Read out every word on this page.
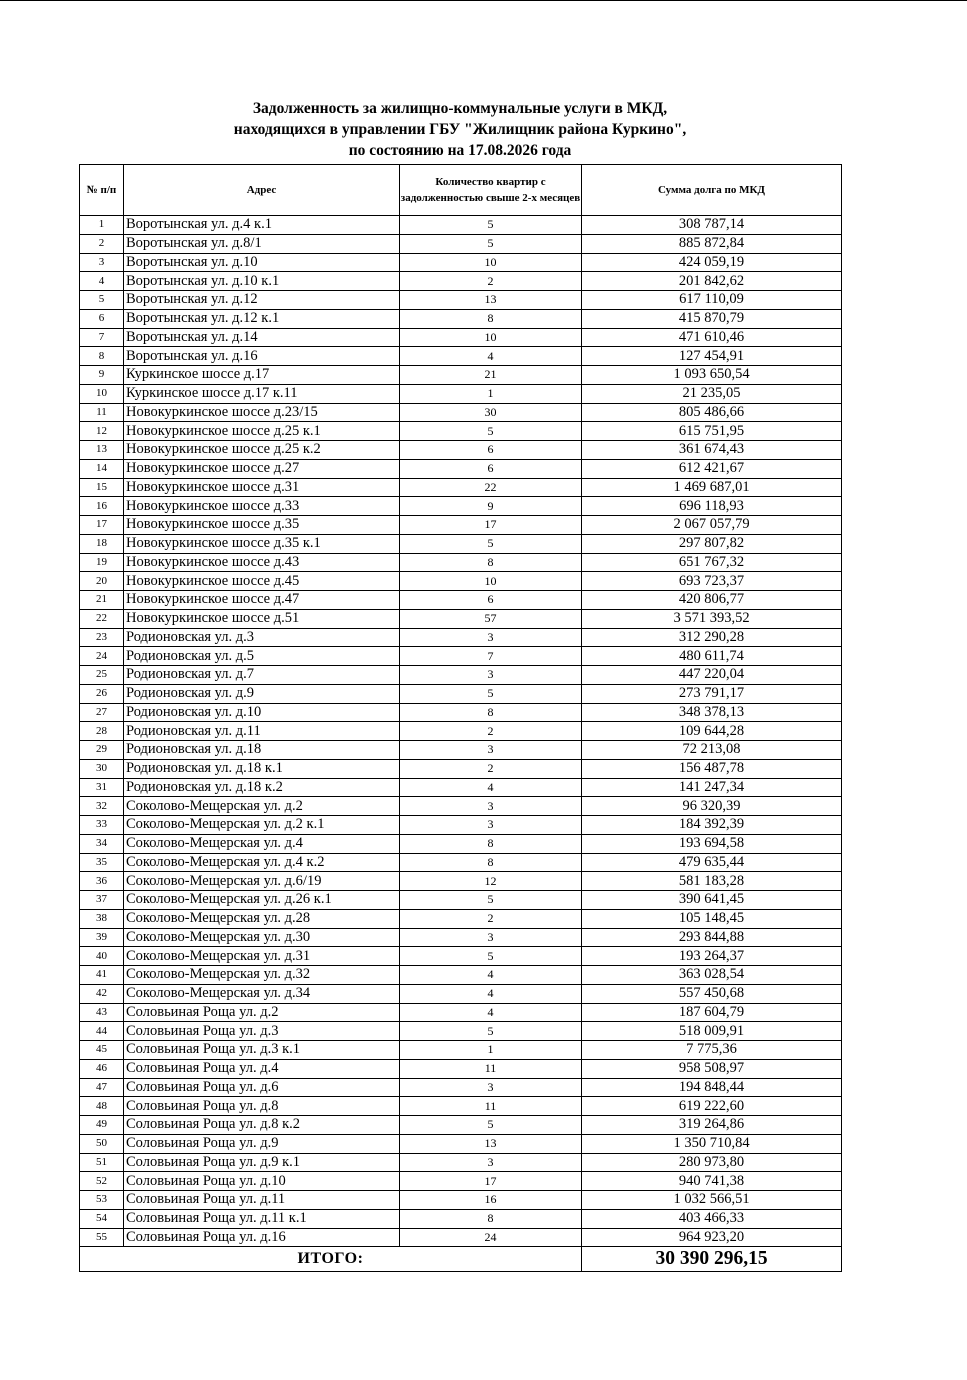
Задолженность за жилищно-коммунальные услуги в МКД,
находящихся в управлении ГБУ "Жилищник района Куркино",
по состоянию на 17.08.2026 года
№ п/п	Адрес	Количество квартир с задолженностью свыше 2-х месяцев	Сумма долга по МКД
1	Воротынская ул. д.4 к.1	5	308 787,14
2	Воротынская ул. д.8/1	5	885 872,84
3	Воротынская ул. д.10	10	424 059,19
4	Воротынская ул. д.10 к.1	2	201 842,62
5	Воротынская ул. д.12	13	617 110,09
6	Воротынская ул. д.12 к.1	8	415 870,79
7	Воротынская ул. д.14	10	471 610,46
8	Воротынская ул. д.16	4	127 454,91
9	Куркинское шоссе д.17	21	1 093 650,54
10	Куркинское шоссе д.17 к.11	1	21 235,05
11	Новокуркинское шоссе д.23/15	30	805 486,66
12	Новокуркинское шоссе д.25 к.1	5	615 751,95
13	Новокуркинское шоссе д.25 к.2	6	361 674,43
14	Новокуркинское шоссе д.27	6	612 421,67
15	Новокуркинское шоссе д.31	22	1 469 687,01
16	Новокуркинское шоссе д.33	9	696 118,93
17	Новокуркинское шоссе д.35	17	2 067 057,79
18	Новокуркинское шоссе д.35 к.1	5	297 807,82
19	Новокуркинское шоссе д.43	8	651 767,32
20	Новокуркинское шоссе д.45	10	693 723,37
21	Новокуркинское шоссе д.47	6	420 806,77
22	Новокуркинское шоссе д.51	57	3 571 393,52
23	Родионовская ул. д.3	3	312 290,28
24	Родионовская ул. д.5	7	480 611,74
25	Родионовская ул. д.7	3	447 220,04
26	Родионовская ул. д.9	5	273 791,17
27	Родионовская ул. д.10	8	348 378,13
28	Родионовская ул. д.11	2	109 644,28
29	Родионовская ул. д.18	3	72 213,08
30	Родионовская ул. д.18 к.1	2	156 487,78
31	Родионовская ул. д.18 к.2	4	141 247,34
32	Соколово-Мещерская ул. д.2	3	96 320,39
33	Соколово-Мещерская ул. д.2 к.1	3	184 392,39
34	Соколово-Мещерская ул. д.4	8	193 694,58
35	Соколово-Мещерская ул. д.4 к.2	8	479 635,44
36	Соколово-Мещерская ул. д.6/19	12	581 183,28
37	Соколово-Мещерская ул. д.26 к.1	5	390 641,45
38	Соколово-Мещерская ул. д.28	2	105 148,45
39	Соколово-Мещерская ул. д.30	3	293 844,88
40	Соколово-Мещерская ул. д.31	5	193 264,37
41	Соколово-Мещерская ул. д.32	4	363 028,54
42	Соколово-Мещерская ул. д.34	4	557 450,68
43	Соловьиная Роща ул. д.2	4	187 604,79
44	Соловьиная Роща ул. д.3	5	518 009,91
45	Соловьиная Роща ул. д.3 к.1	1	7 775,36
46	Соловьиная Роща ул. д.4	11	958 508,97
47	Соловьиная Роща ул. д.6	3	194 848,44
48	Соловьиная Роща ул. д.8	11	619 222,60
49	Соловьиная Роща ул. д.8 к.2	5	319 264,86
50	Соловьиная Роща ул. д.9	13	1 350 710,84
51	Соловьиная Роща ул. д.9 к.1	3	280 973,80
52	Соловьиная Роща ул. д.10	17	940 741,38
53	Соловьиная Роща ул. д.11	16	1 032 566,51
54	Соловьиная Роща ул. д.11 к.1	8	403 466,33
55	Соловьиная Роща ул. д.16	24	964 923,20
ИТОГО:			30 390 296,15
